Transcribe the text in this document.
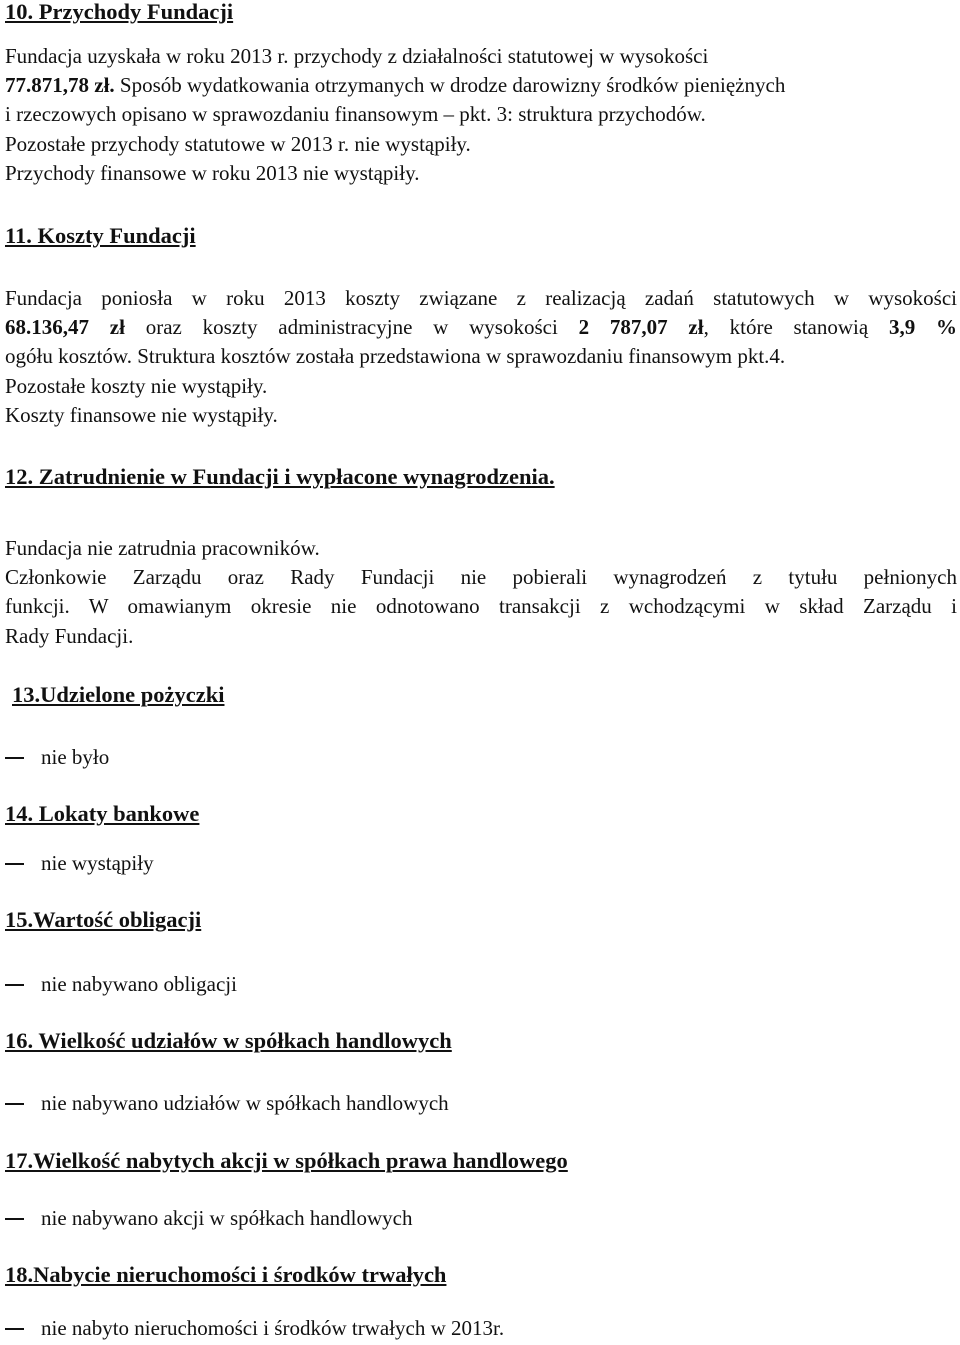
10. Przychody Fundacji
Fundacja uzyskała w roku 2013 r. przychody z działalności statutowej w wysokości
77.871,78 zł. Sposób wydatkowania otrzymanych w drodze darowizny środków pieniężnych
i rzeczowych opisano w sprawozdaniu finansowym – pkt. 3: struktura przychodów.
Pozostałe przychody statutowe w 2013 r. nie wystąpiły.
Przychody finansowe w roku 2013 nie wystąpiły.
11. Koszty Fundacji
Fundacja poniosła w roku 2013 koszty związane z realizacją zadań statutowych w wysokości
68.136,47 zł oraz koszty administracyjne w wysokości 2 787,07 zł, które stanowią 3,9 %
ogółu kosztów. Struktura kosztów została przedstawiona w sprawozdaniu finansowym pkt.4.
Pozostałe koszty nie wystąpiły.
Koszty finansowe nie wystąpiły.
12. Zatrudnienie w Fundacji i wypłacone wynagrodzenia.
Fundacja nie zatrudnia pracowników.
Członkowie Zarządu oraz Rady Fundacji nie pobierali wynagrodzeń z tytułu pełnionych
funkcji. W omawianym okresie nie odnotowano transakcji z wchodzącymi w skład Zarządu i
Rady Fundacji.
13.Udzielone pożyczki
nie było
14. Lokaty bankowe
nie wystąpiły
15.Wartość obligacji
nie nabywano obligacji
16. Wielkość udziałów w spółkach handlowych
nie nabywano udziałów w spółkach handlowych
17.Wielkość nabytych akcji w spółkach prawa handlowego
nie nabywano akcji w spółkach handlowych
18.Nabycie nieruchomości i środków trwałych
nie nabyto nieruchomości i środków trwałych w 2013r.
